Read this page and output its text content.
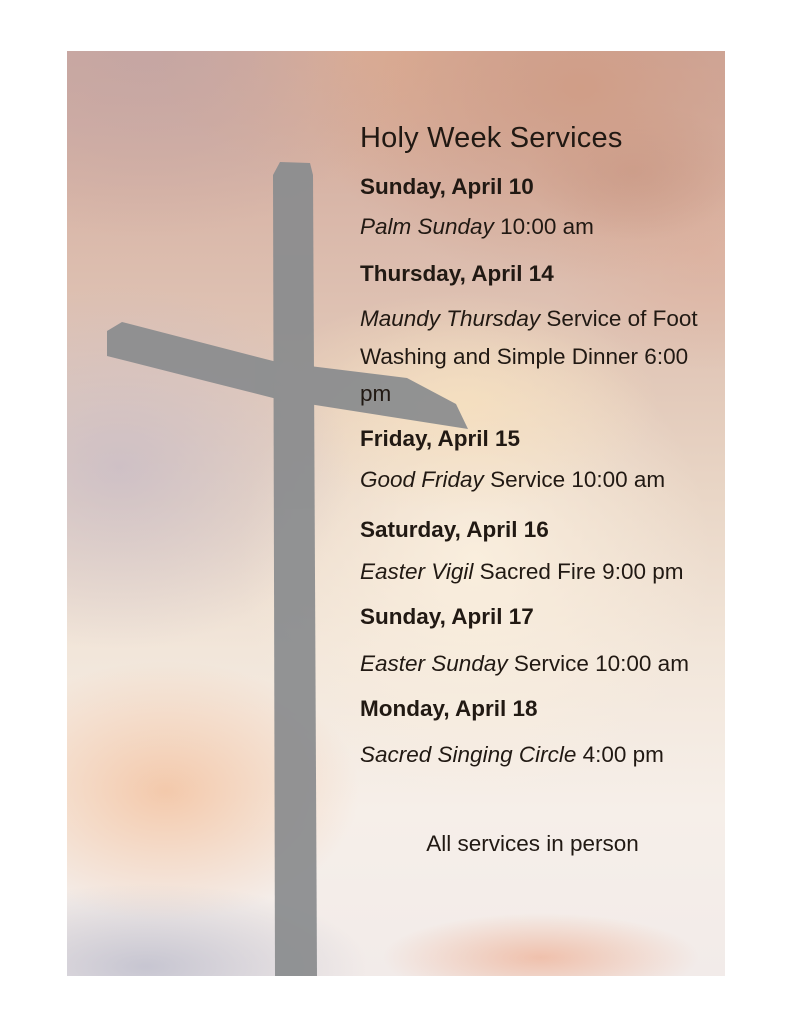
Holy Week Services

Sunday, April 10

Palm Sunday 10:00 am

Thursday, April 14

Maundy Thursday Service of Foot Washing and Simple Dinner 6:00 pm

Friday, April 15

Good Friday Service 10:00 am

Saturday, April 16

Easter Vigil Sacred Fire 9:00 pm

Sunday, April 17

Easter Sunday Service 10:00 am

Monday, April 18

Sacred Singing Circle 4:00 pm

All services in person
